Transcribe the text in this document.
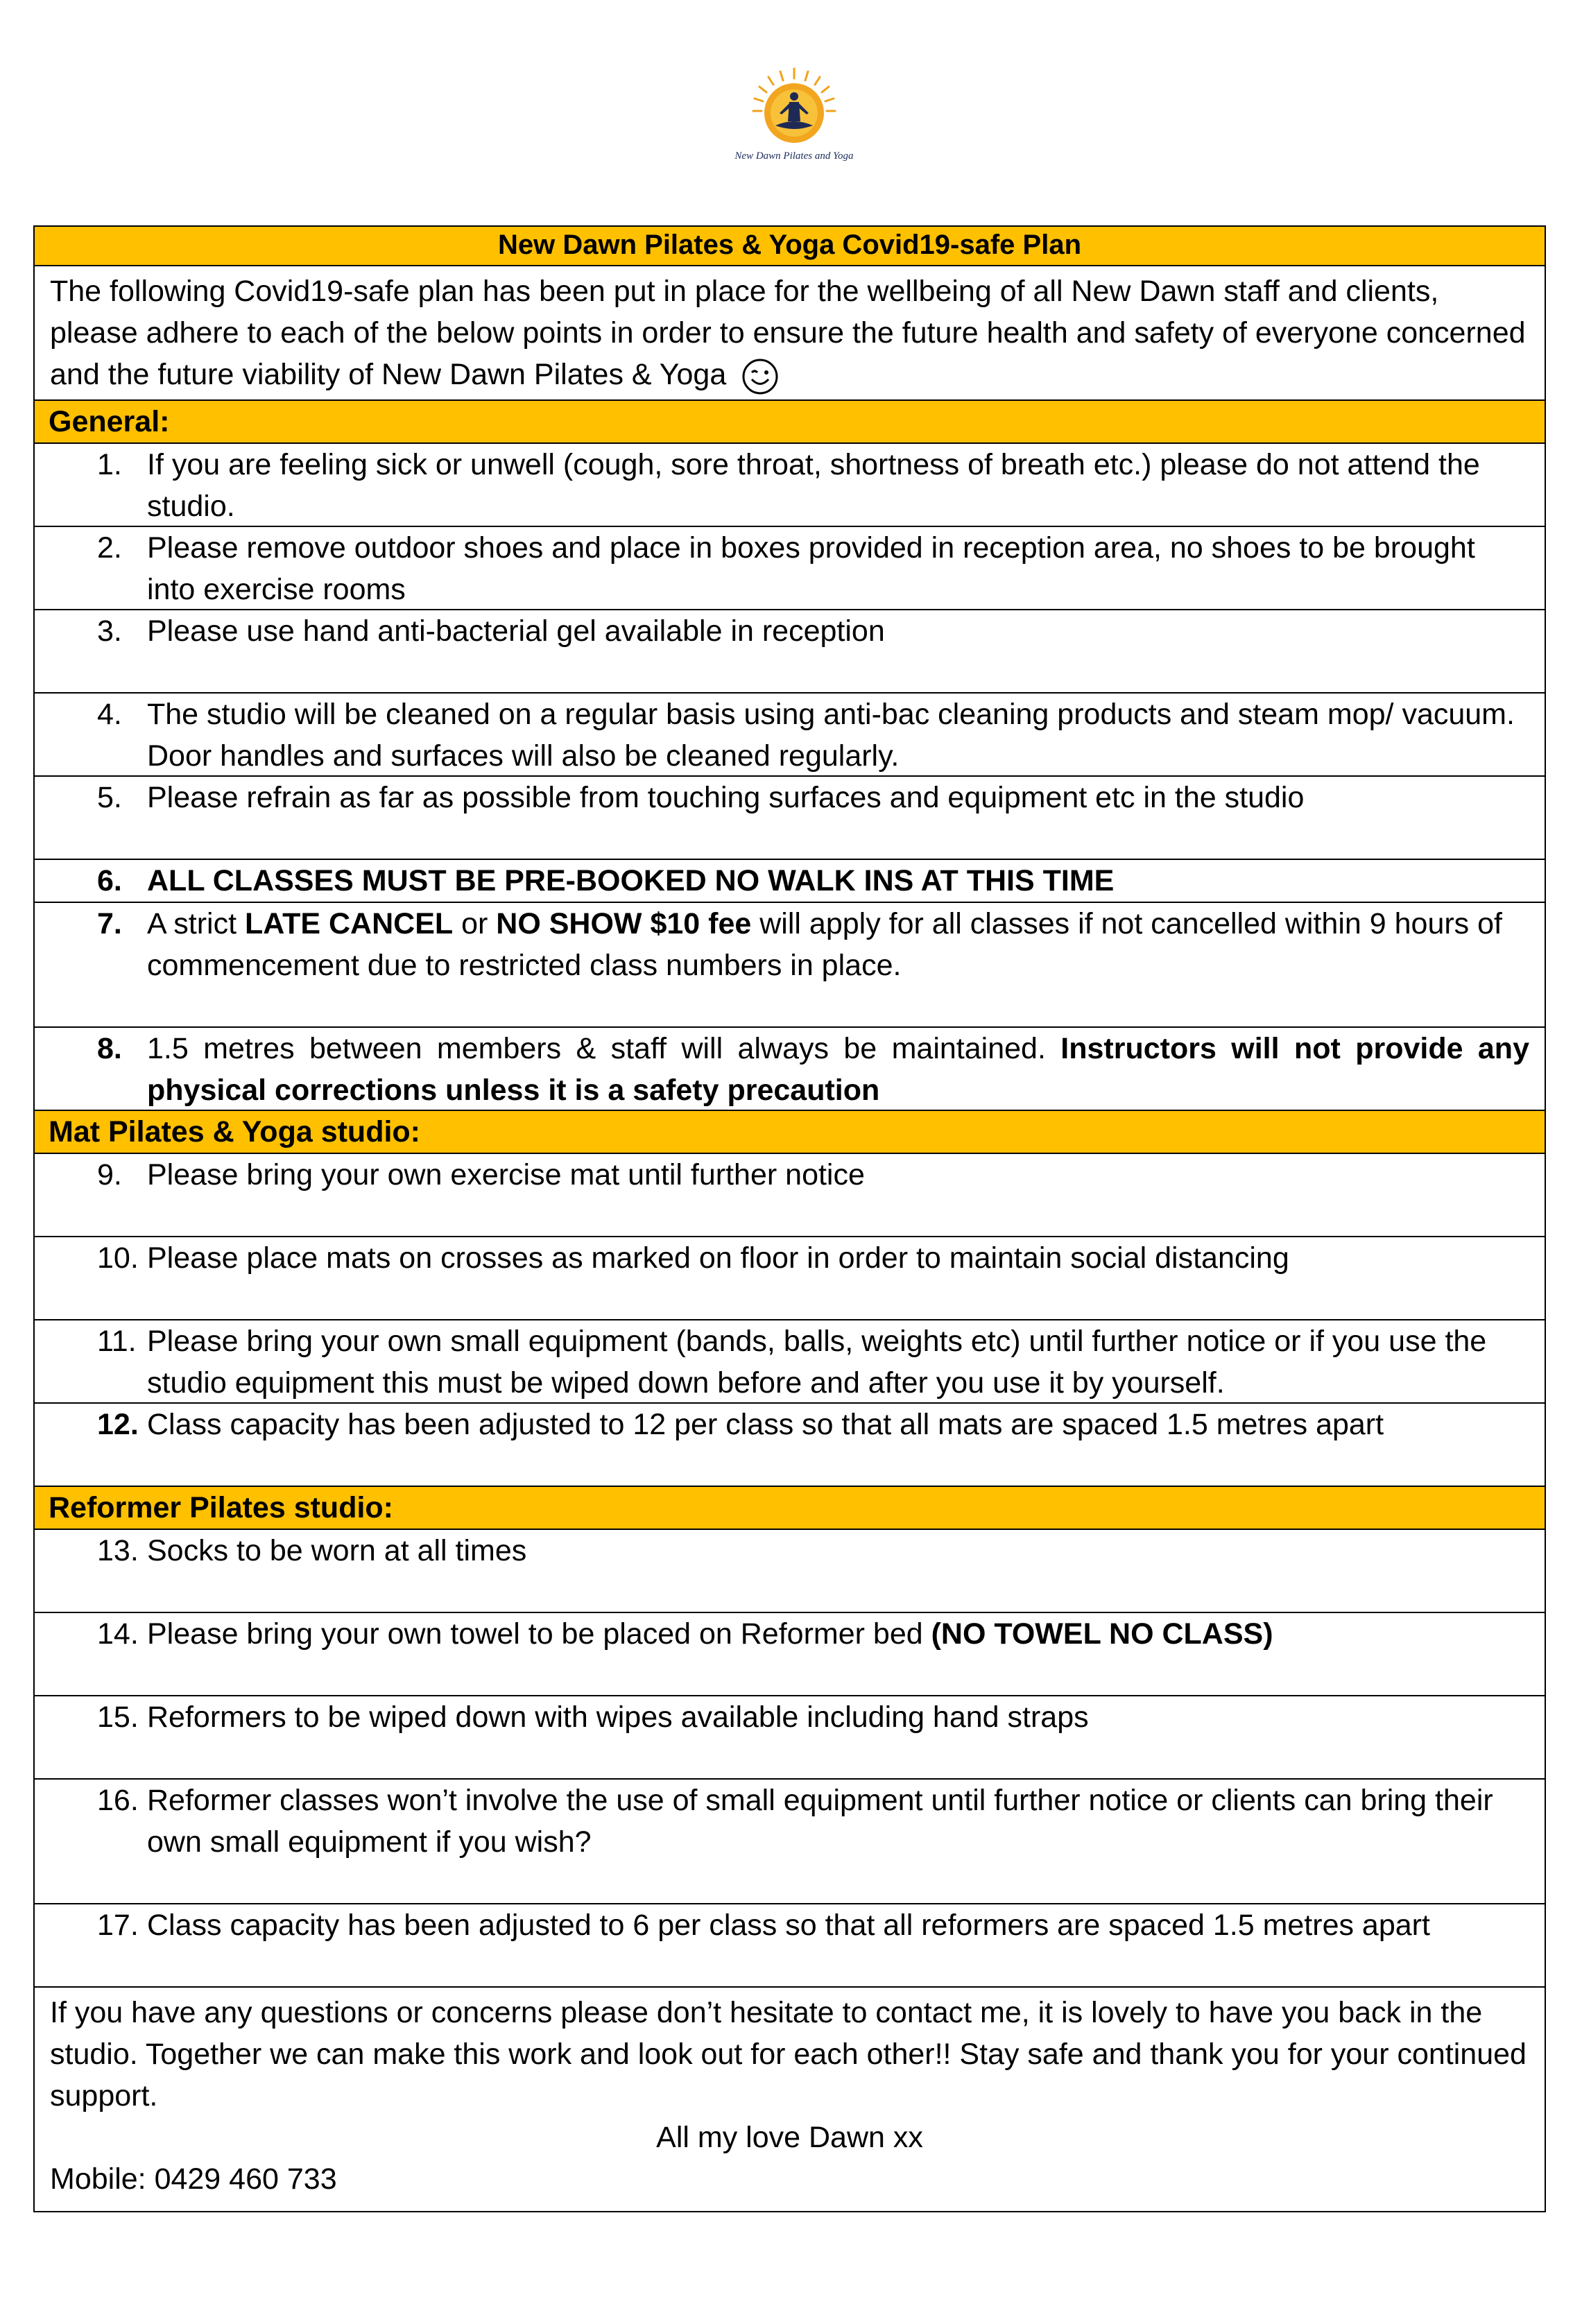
New Dawn Pilates and Yoga
New Dawn Pilates & Yoga Covid19-safe Plan
The following Covid19-safe plan has been put in place for the wellbeing of all New Dawn staff and clients, please adhere to each of the below points in order to ensure the future health and safety of everyone concerned and the future viability of New Dawn Pilates & Yoga
General:
1. If you are feeling sick or unwell (cough, sore throat, shortness of breath etc.) please do not attend the studio.
2. Please remove outdoor shoes and place in boxes provided in reception area, no shoes to be brought into exercise rooms
3. Please use hand anti-bacterial gel available in reception
4. The studio will be cleaned on a regular basis using anti-bac cleaning products and steam mop/ vacuum. Door handles and surfaces will also be cleaned regularly.
5. Please refrain as far as possible from touching surfaces and equipment etc in the studio
6. ALL CLASSES MUST BE PRE-BOOKED NO WALK INS AT THIS TIME
7. A strict LATE CANCEL or NO SHOW $10 fee will apply for all classes if not cancelled within 9 hours of commencement due to restricted class numbers in place.
8. 1.5 metres between members & staff will always be maintained. Instructors will not provide any physical corrections unless it is a safety precaution
Mat Pilates & Yoga studio:
9. Please bring your own exercise mat until further notice
10. Please place mats on crosses as marked on floor in order to maintain social distancing
11. Please bring your own small equipment (bands, balls, weights etc) until further notice or if you use the studio equipment this must be wiped down before and after you use it by yourself.
12. Class capacity has been adjusted to 12 per class so that all mats are spaced 1.5 metres apart
Reformer Pilates studio:
13. Socks to be worn at all times
14. Please bring your own towel to be placed on Reformer bed (NO TOWEL NO CLASS)
15. Reformers to be wiped down with wipes available including hand straps
16. Reformer classes won’t involve the use of small equipment until further notice or clients can bring their own small equipment if you wish?
17. Class capacity has been adjusted to 6 per class so that all reformers are spaced 1.5 metres apart
If you have any questions or concerns please don’t hesitate to contact me, it is lovely to have you back in the studio. Together we can make this work and look out for each other!! Stay safe and thank you for your continued support.
All my love Dawn xx
Mobile: 0429 460 733
